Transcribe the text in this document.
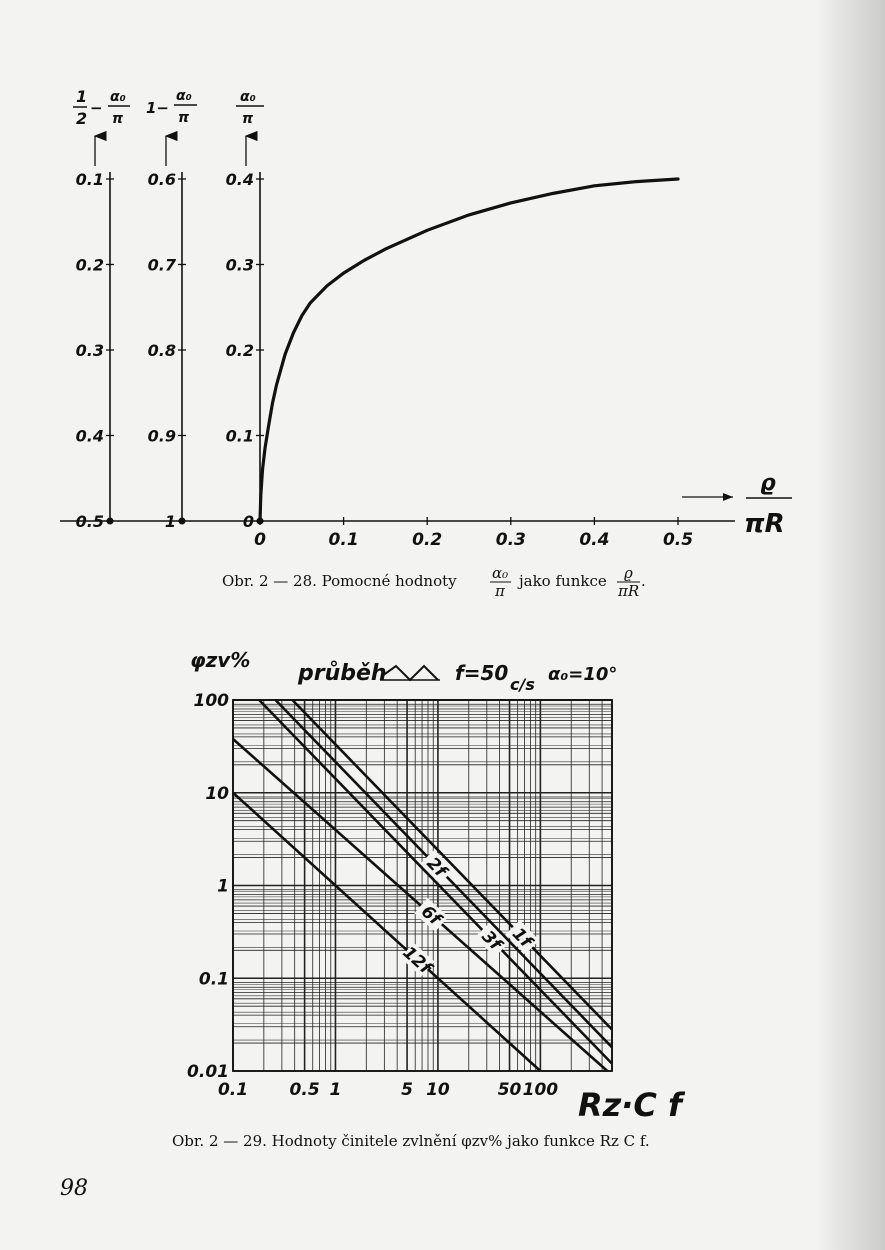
1
2
−
α₀
π
1−
α₀
π
α₀
π
ϱ
πR
0.1
0.2
0.3
0.4
0.5
0.6
0.7
0.8
0.9
1
0.4
0.3
0.2
0.1
0
0	0.1	0.2	0.3	0.4	0.5
Obr. 2 — 28. Pomocné hodnoty α₀
π
jako funkce ϱ
πR
.
φzv%
průběh	f=50 c/s α₀=10°
100
10
1
0.1
0.01
0.1 0.5 1	5 10	50 100
1f
2f
3f
6f
12f
Rz·C f
Obr. 2 — 29. Hodnoty činitele zvlnění φzv% jako funkce Rz C f.
98
